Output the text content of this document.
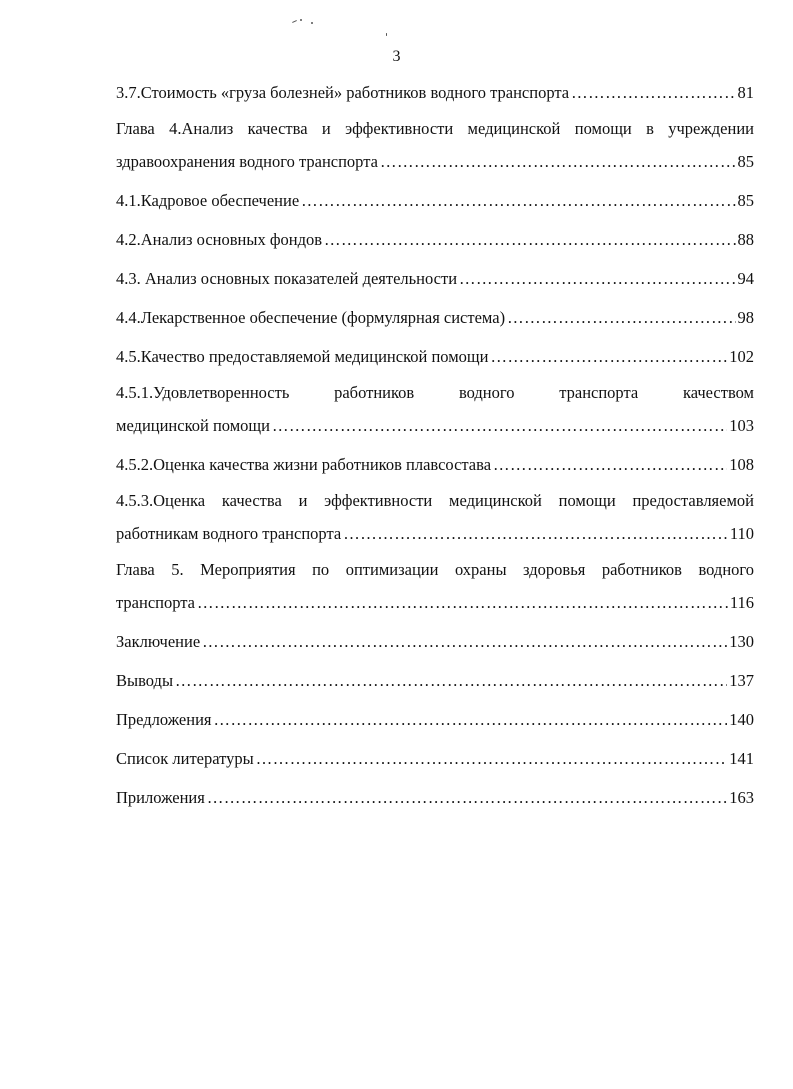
3
3.7.Стоимость «груза болезней» работников водного транспорта …………………………………………………………………………………………………………………………………………………………………………	81
Глава 4.Анализ качества и эффективности медицинской помощи в учреждении
здравоохранения водного транспорта …………………………………………………………………………………………………………………………………………………………………………	85
4.1.Кадровое обеспечение …………………………………………………………………………………………………………………………………………………………………………	85
4.2.Анализ основных фондов …………………………………………………………………………………………………………………………………………………………………………	88
4.3. Анализ основных показателей деятельности …………………………………………………………………………………………………………………………………………………………………………	94
4.4.Лекарственное обеспечение (формулярная система) …………………………………………………………………………………………………………………………………………………………………………	98
4.5.Качество предоставляемой медицинской помощи …………………………………………………………………………………………………………………………………………………………………………	102
4.5.1.Удовлетворенность работников водного транспорта качеством
медицинской помощи …………………………………………………………………………………………………………………………………………………………………………	103
4.5.2.Оценка качества жизни работников плавсостава …………………………………………………………………………………………………………………………………………………………………………	108
4.5.3.Оценка качества и эффективности медицинской помощи предоставляемой
работникам водного транспорта …………………………………………………………………………………………………………………………………………………………………………	110
Глава 5. Мероприятия по оптимизации охраны здоровья работников водного
транспорта …………………………………………………………………………………………………………………………………………………………………………	116
Заключение …………………………………………………………………………………………………………………………………………………………………………	130
Выводы …………………………………………………………………………………………………………………………………………………………………………	137
Предложения …………………………………………………………………………………………………………………………………………………………………………	140
Список литературы …………………………………………………………………………………………………………………………………………………………………………	141
Приложения …………………………………………………………………………………………………………………………………………………………………………	163
